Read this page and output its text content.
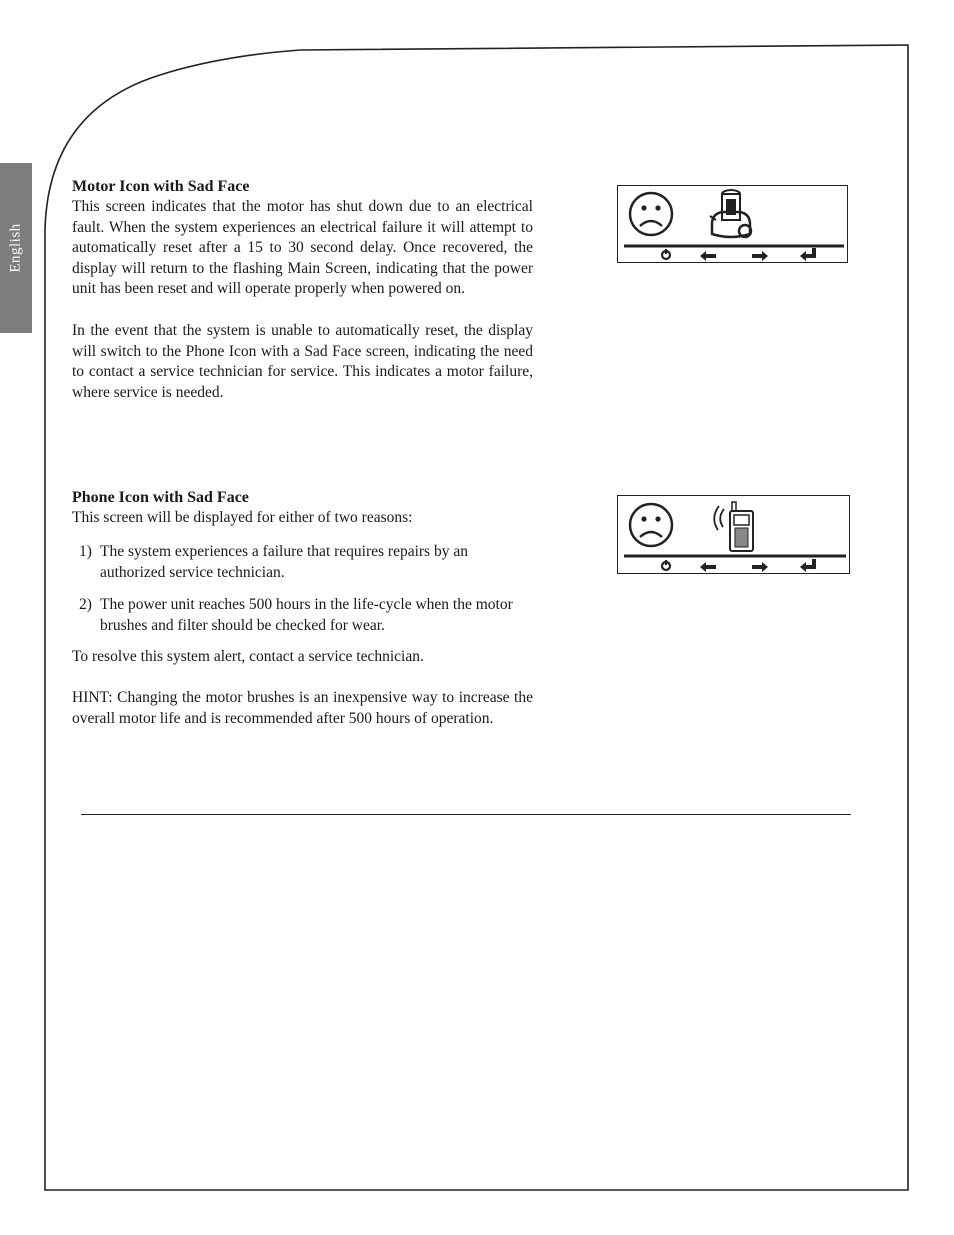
English

Motor Icon with Sad Face

This screen indicates that the motor has shut down due to an electrical fault. When the system experiences an electrical failure it will attempt to automatically reset after a 15 to 30 second delay. Once recovered, the display will return to the flashing Main Screen, indicating that the power unit has been reset and will operate properly when powered on.

In the event that the system is unable to automatically reset, the display will switch to the Phone Icon with a Sad Face screen, indicating the need to contact a service technician for service. This indicates a motor failure, where service is needed.

Phone Icon with Sad Face

This screen will be displayed for either of two reasons:

1) The system experiences a failure that requires repairs by an authorized service technician.
2) The power unit reaches 500 hours in the life-cycle when the motor brushes and filter should be checked for wear.

To resolve this system alert, contact a service technician.

HINT: Changing the motor brushes is an inexpensive way to increase the overall motor life and is recommended after 500 hours of operation.
